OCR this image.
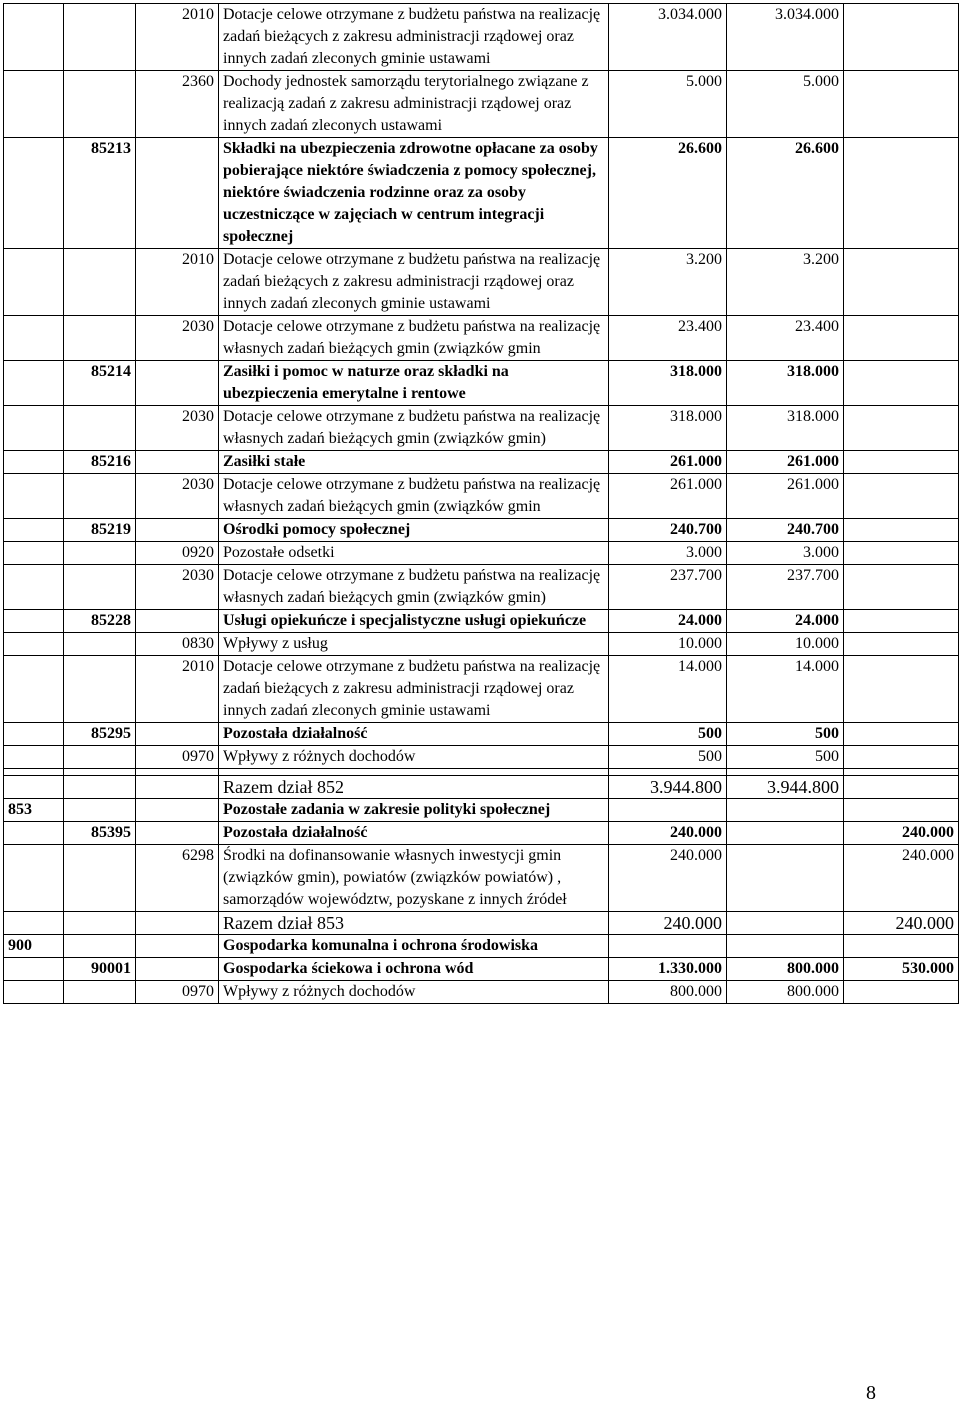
		2010	Dotacje celowe otrzymane z budżetu państwa na realizację zadań bieżących z zakresu administracji rządowej oraz innych zadań zleconych gminie ustawami	3.034.000	3.034.000	
		2360	Dochody jednostek samorządu terytorialnego związane z realizacją zadań z zakresu administracji rządowej oraz innych zadań zleconych ustawami	5.000	5.000	
	85213		Składki na ubezpieczenia zdrowotne opłacane za osoby pobierające niektóre świadczenia z pomocy społecznej, niektóre świadczenia rodzinne oraz za osoby uczestniczące w zajęciach w centrum integracji społecznej	26.600	26.600	
		2010	Dotacje celowe otrzymane z budżetu państwa na realizację zadań bieżących z zakresu administracji rządowej oraz innych zadań zleconych gminie ustawami	3.200	3.200	
		2030	Dotacje celowe otrzymane z budżetu państwa na realizację własnych zadań bieżących gmin (związków gmin	23.400	23.400	
	85214		Zasiłki i pomoc w naturze oraz składki na ubezpieczenia emerytalne i rentowe	318.000	318.000	
		2030	Dotacje celowe otrzymane z budżetu państwa na realizację własnych zadań bieżących gmin (związków gmin)	318.000	318.000	
	85216		Zasiłki stałe	261.000	261.000	
		2030	Dotacje celowe otrzymane z budżetu państwa na realizację własnych zadań bieżących gmin (związków gmin	261.000	261.000	
	85219		Ośrodki pomocy społecznej	240.700	240.700	
		0920	Pozostałe odsetki	3.000	3.000	
		2030	Dotacje celowe otrzymane z budżetu państwa na realizację własnych zadań bieżących gmin (związków gmin)	237.700	237.700	
	85228		Usługi opiekuńcze i specjalistyczne usługi opiekuńcze	24.000	24.000	
		0830	Wpływy z usług	10.000	10.000	
		2010	Dotacje celowe otrzymane z budżetu państwa na realizację zadań bieżących z zakresu administracji rządowej oraz innych zadań zleconych gminie ustawami	14.000	14.000	
	85295		Pozostała działalność	500	500	
		0970	Wpływy z różnych dochodów	500	500	

			Razem dział 852	3.944.800	3.944.800	
853			Pozostałe zadania w zakresie polityki społecznej			
	85395		Pozostała działalność	240.000		240.000
		6298	Środki na dofinansowanie własnych inwestycji gmin (związków gmin), powiatów (związków powiatów) , samorządów województw, pozyskane z innych źródeł	240.000		240.000
			Razem dział 853	240.000		240.000
900			Gospodarka komunalna i ochrona środowiska			
	90001		Gospodarka ściekowa i ochrona wód	1.330.000	800.000	530.000
		0970	Wpływy z różnych dochodów	800.000	800.000	
8
